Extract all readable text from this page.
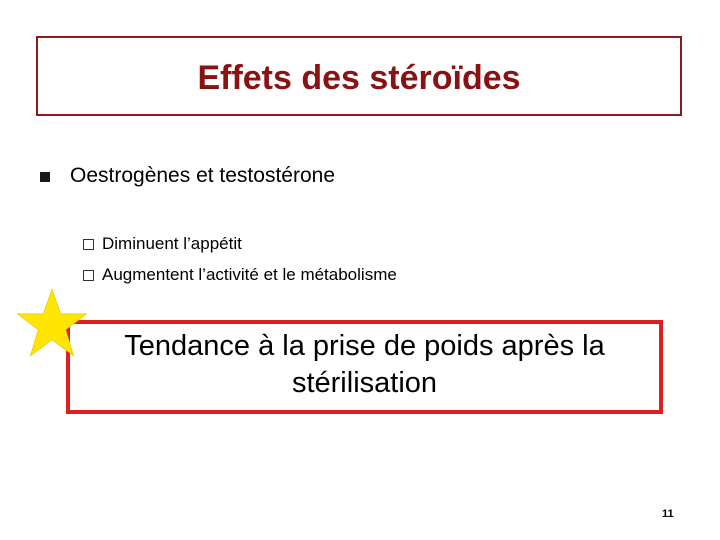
Effets des stéroïdes
Oestrogènes et testostérone
Diminuent l’appétit
Augmentent l’activité et le métabolisme
Tendance à la prise de poids après la
stérilisation
11
